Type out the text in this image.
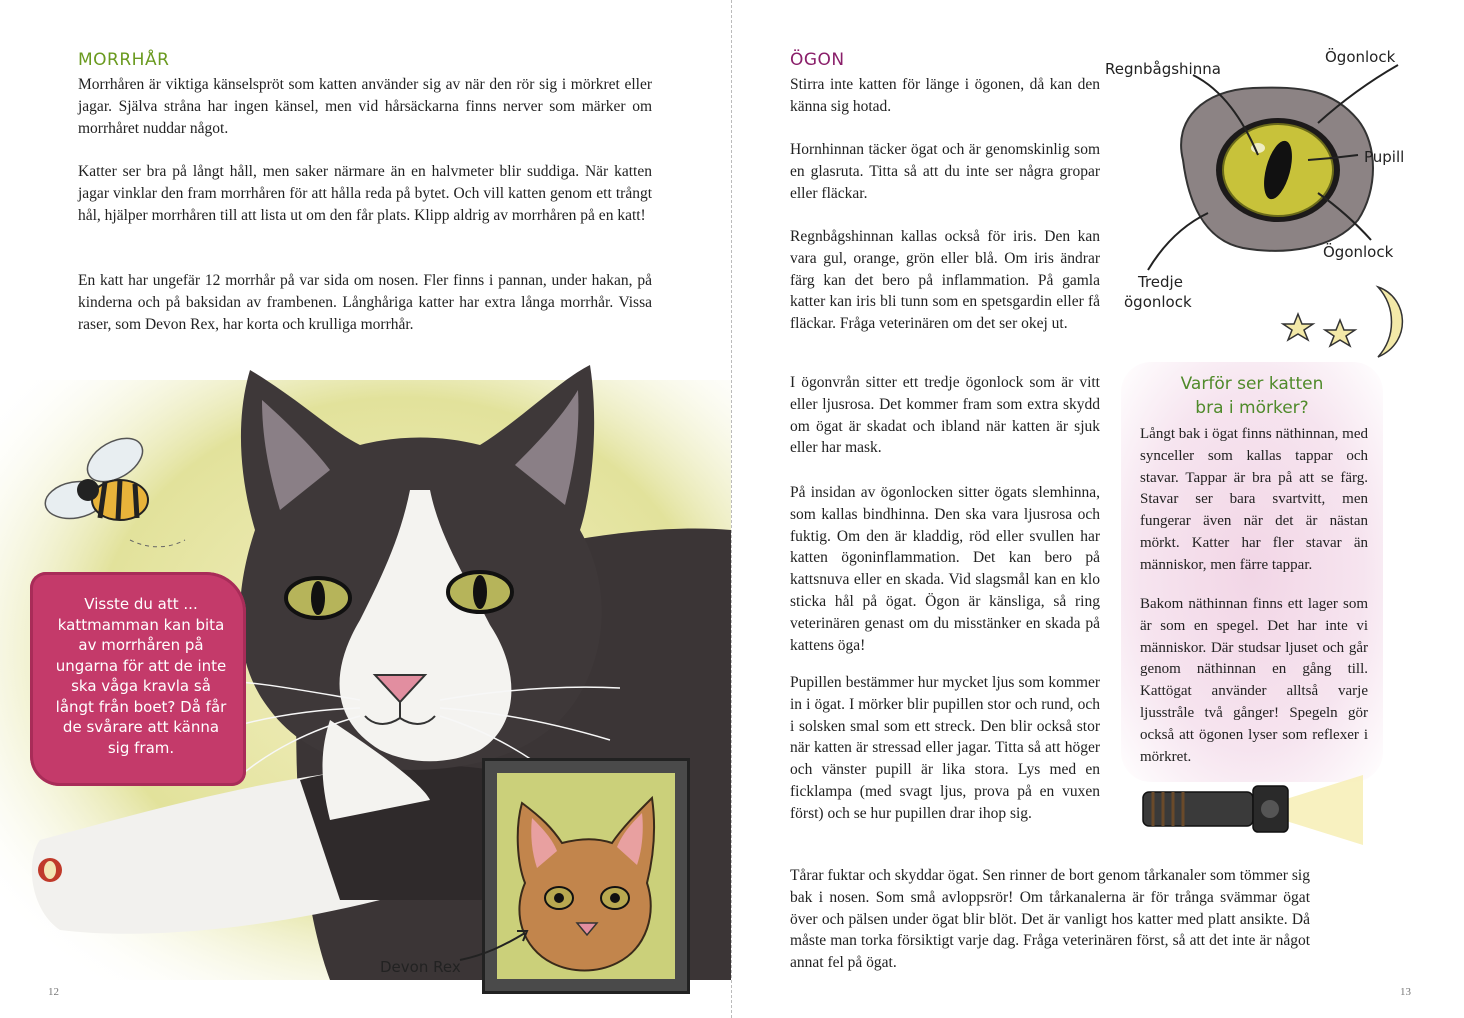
MORRHÅR

Morrhåren är viktiga känselspröt som katten använder sig av när den rör sig i mörkret eller jagar. Själva stråna har ingen känsel, men vid hårsäckarna finns nerver som märker om morrhåret nuddar något.

Katter ser bra på långt håll, men saker närmare än en halvmeter blir suddiga. När katten jagar vinklar den fram morrhåren för att hålla reda på bytet. Och vill katten genom ett trångt hål, hjälper morrhåren till att lista ut om den får plats. Klipp aldrig av morrhåren på en katt!

En katt har ungefär 12 morrhår på var sida om nosen. Fler finns i pannan, under hakan, på kinderna och på baksidan av frambenen. Långhåriga katter har extra långa morrhår. Vissa raser, som Devon Rex, har korta och krulliga morrhår.

Visste du att ... kattmamman kan bita av morrhåren på ungarna för att de inte ska våga kravla så långt från boet? Då får de svårare att känna sig fram.
Devon Rex
12
ÖGON

Stirra inte katten för länge i ögonen, då kan den känna sig hotad.

Hornhinnan täcker ögat och är genomskinlig som en glasruta. Titta så att du inte ser några gropar eller fläckar.

Regnbågshinnan kallas också för iris. Den kan vara gul, orange, grön eller blå. Om iris ändrar färg kan det bero på inflammation. På gamla katter kan iris bli tunn som en spetsgardin eller få fläckar. Fråga veterinären om det ser okej ut.

I ögonvrån sitter ett tredje ögonlock som är vitt eller ljusrosa. Det kommer fram som extra skydd om ögat är skadat och ibland när katten är sjuk eller har mask.

På insidan av ögonlocken sitter ögats slemhinna, som kallas bindhinna. Den ska vara ljusrosa och fuktig. Om den är kladdig, röd eller svullen har katten ögoninflammation. Det kan bero på kattsnuva eller en skada. Vid slagsmål kan en klo sticka hål på ögat. Ögon är känsliga, så ring veterinären genast om du misstänker en skada på kattens öga!

Pupillen bestämmer hur mycket ljus som kommer in i ögat. I mörker blir pupillen stor och rund, och i solsken smal som ett streck. Den blir också stor när katten är stressad eller jagar. Titta så att höger och vänster pupill är lika stora. Lys med en ficklampa (med svagt ljus, prova på en vuxen först) och se hur pupillen drar ihop sig.

Tårar fuktar och skyddar ögat. Sen rinner de bort genom tårkanaler som tömmer sig bak i nosen. Som små avloppsrör! Om tårkanalerna är för trånga svämmar ögat över och pälsen under ögat blir blöt. Det är vanligt hos katter med platt ansikte. Då måste man torka försiktigt varje dag. Fråga veterinären först, så att det inte är något annat fel på ögat.

Regnbågshinna
Ögonlock
Pupill
Ögonlock
Tredje
ögonlock
Varför ser katten
bra i mörker?

Långt bak i ögat finns näthinnan, med synceller som kallas tappar och stavar. Tappar är bra på att se färg. Stavar ser bara svartvitt, men fungerar även när det är nästan mörkt. Katter har fler stavar än människor, men färre tappar.

Bakom näthinnan finns ett lager som är som en spegel. Det har inte vi människor. Där studsar ljuset och går genom näthinnan en gång till. Kattögat använder alltså varje ljusstråle två gånger! Spegeln gör också att ögonen lyser som reflexer i mörkret.

13
